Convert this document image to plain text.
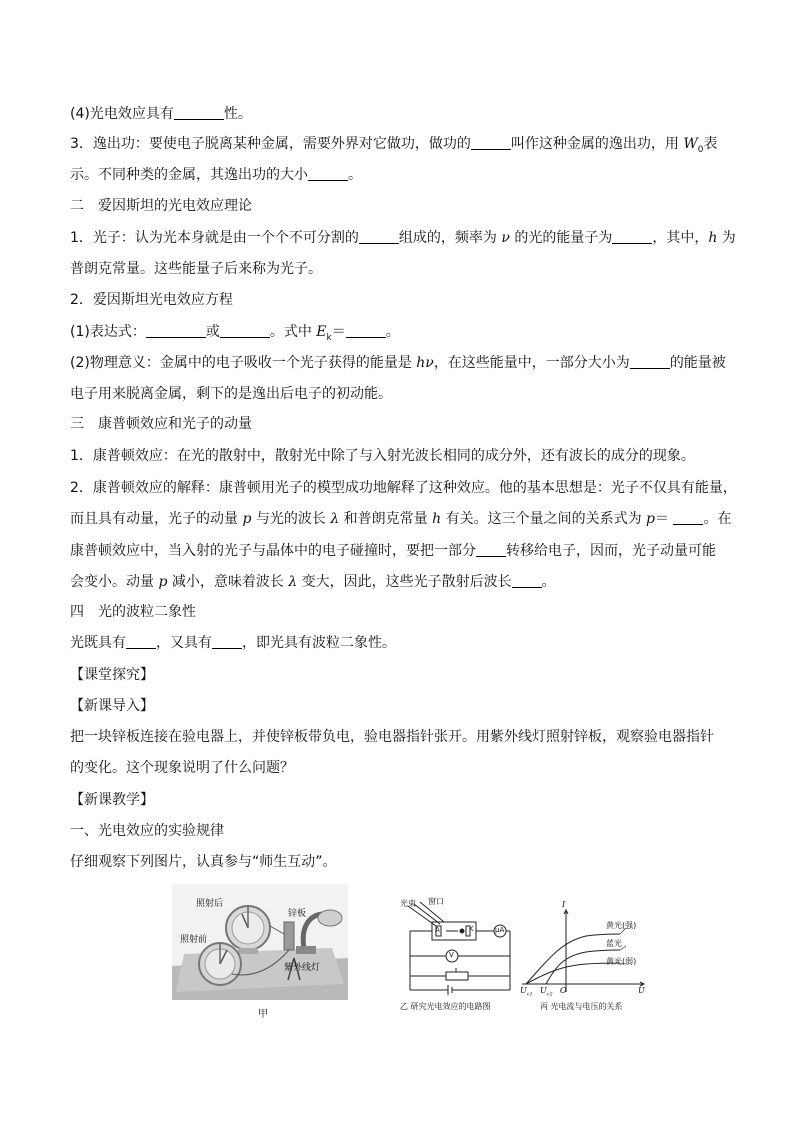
(4)光电效应具有	性。
3．逸出功：要使电子脱离某种金属，需要外界对它做功，做功的	叫作这种金属的逸出功，用 $W_0$表
示。不同种类的金属，其逸出功的大小	。
二　爱因斯坦的光电效应理论
1．光子：认为光本身就是由一个个不可分割的	组成的，频率为 ν 的光的能量子为	，其中，h 为
普朗克常量。这些能量子后来称为光子。
2．爱因斯坦光电效应方程
(1)表达式：	或	。式中 $E_k=$	。
(2)物理意义：金属中的电子吸收一个光子获得的能量是 hν，在这些能量中，一部分大小为	的能量被
电子用来脱离金属，剩下的是逸出后电子的初动能。
三　康普顿效应和光子的动量
1．康普顿效应：在光的散射中，散射光中除了与入射光波长相同的成分外，还有波长的成分的现象。
2．康普顿效应的解释：康普顿用光子的模型成功地解释了这种效应。他的基本思想是：光子不仅具有能量，
而且具有动量，光子的动量 p 与光的波长 λ 和普朗克常量 h 有关。这三个量之间的关系式为 p＝ 。在
康普顿效应中，当入射的光子与晶体中的电子碰撞时，要把一部分 转移给电子，因而，光子动量可能
会变小。动量 p 减小，意味着波长 λ 变大，因此，这些光子散射后波长 。
四　光的波粒二象性
光既具有 ，又具有 ，即光具有波粒二象性。
【课堂探究】
【新课导入】
把一块锌板连接在验电器上，并使锌板带负电，验电器指针张开。用紫外线灯照射锌板，观察验电器指针
的变化。这个现象说明了什么问题？
【新课教学】
一、光电效应的实验规律
仔细观察下列图片，认真参与“师生互动”。
照射后
照射前
锌板
紫外线灯
甲
光束 窗口
A	K	μA
V
乙 研究光电效应的电路图
I
U
O
$U_{c1}$ $U_{c2}$
黄光(强)
蓝光
黄光(弱)
丙 光电流与电压的关系
